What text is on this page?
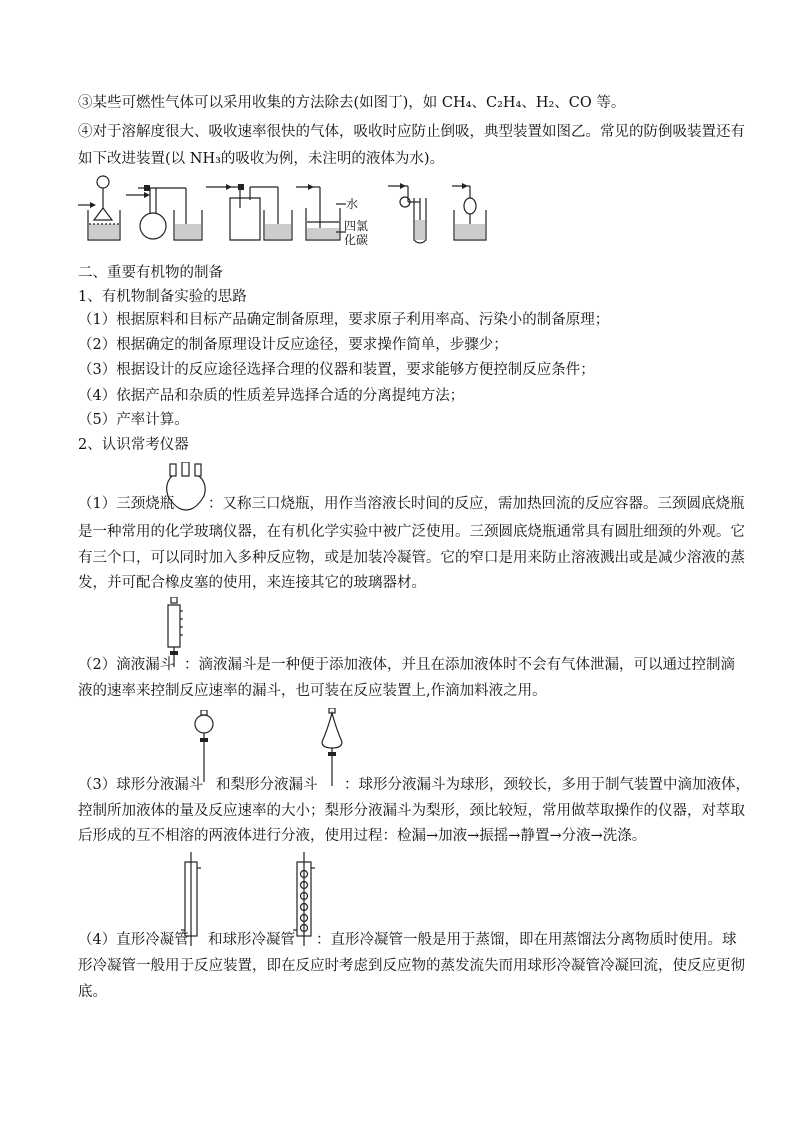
③某些可燃性气体可以采用收集的方法除去(如图丁)，如 CH₄、C₂H₄、H₂、CO 等。
④对于溶解度很大、吸收速率很快的气体，吸收时应防止倒吸，典型装置如图乙。常见的防倒吸装置还有
如下改进装置(以 NH₃的吸收为例，未注明的液体为水)。
水
四氯
化碳
二、重要有机物的制备
1、有机物制备实验的思路
（1）根据原料和目标产品确定制备原理，要求原子利用率高、污染小的制备原理；
（2）根据确定的制备原理设计反应途径，要求操作简单，步骤少；
（3）根据设计的反应途径选择合理的仪器和装置，要求能够方便控制反应条件；
（4）依据产品和杂质的性质差异选择合适的分离提纯方法；
（5）产率计算。
2、认识常考仪器
（1）三颈烧瓶 ：又称三口烧瓶，用作当溶液长时间的反应，需加热回流的反应容器。三颈圆底烧瓶
是一种常用的化学玻璃仪器，在有机化学实验中被广泛使用。三颈圆底烧瓶通常具有圆肚细颈的外观。它
有三个口，可以同时加入多种反应物，或是加装冷凝管。它的窄口是用来防止溶液溅出或是减少溶液的蒸
发，并可配合橡皮塞的使用，来连接其它的玻璃器材。
（2）滴液漏斗 ：滴液漏斗是一种便于添加液体，并且在添加液体时不会有气体泄漏，可以通过控制滴
液的速率来控制反应速率的漏斗，也可装在反应装置上,作滴加料液之用。
（3）球形分液漏斗 和梨形分液漏斗 ：球形分液漏斗为球形，颈较长，多用于制气装置中滴加液体，
控制所加液体的量及反应速率的大小；梨形分液漏斗为梨形，颈比较短，常用做萃取操作的仪器，对萃取
后形成的互不相溶的两液体进行分液，使用过程：检漏→加液→振摇→静置→分液→洗涤。
（4）直形冷凝管 和球形冷凝管 ：直形冷凝管一般是用于蒸馏，即在用蒸馏法分离物质时使用。球
形冷凝管一般用于反应装置，即在反应时考虑到反应物的蒸发流失而用球形冷凝管冷凝回流，使反应更彻
底。
